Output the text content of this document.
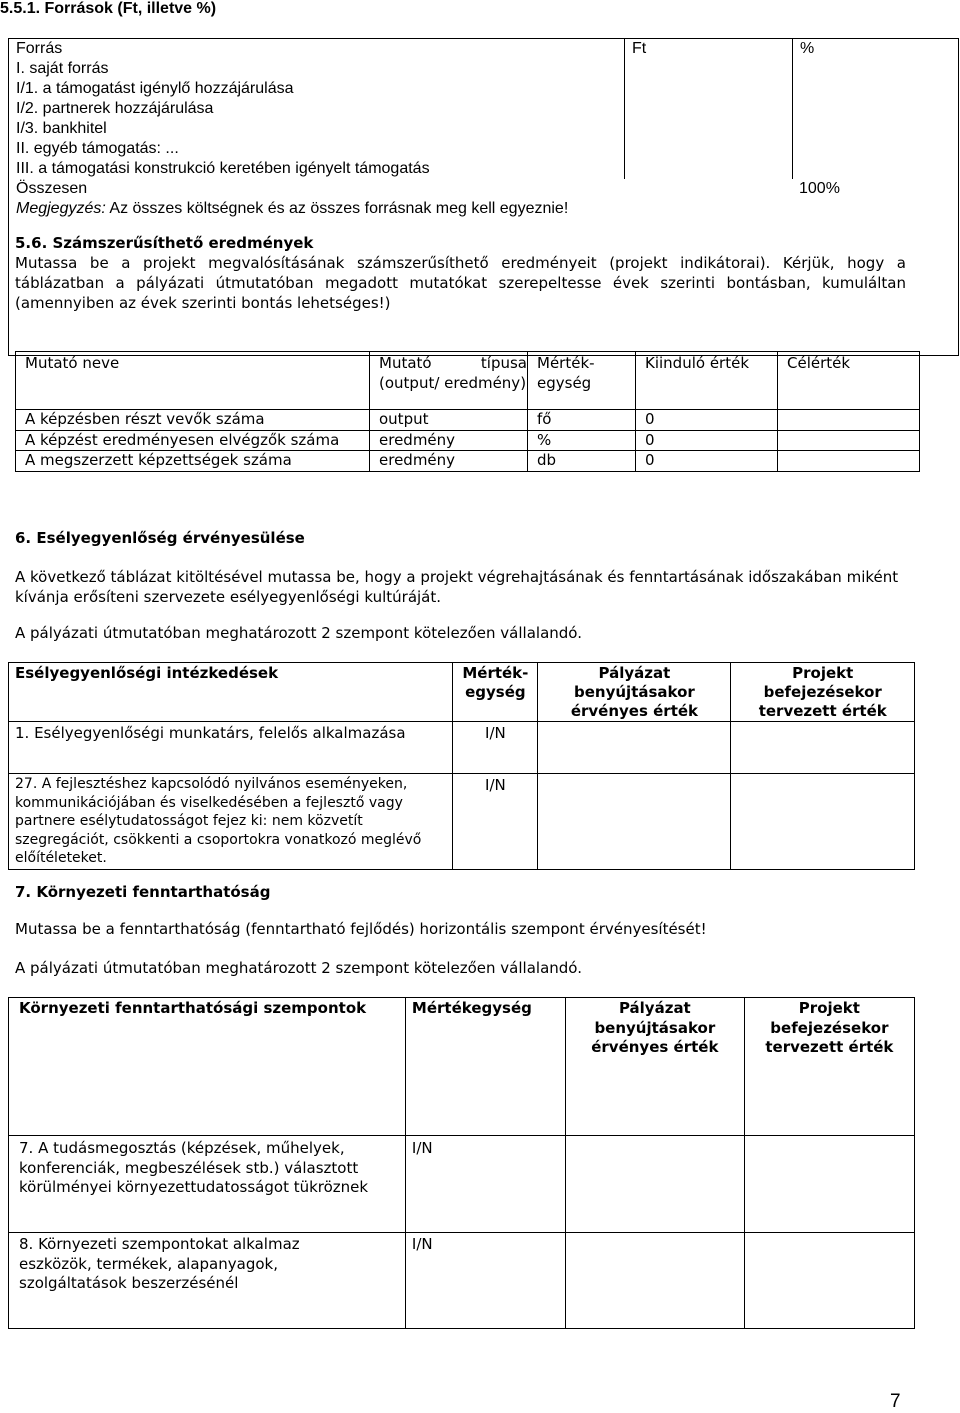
5.5.1. Források (Ft, illetve %)
Forrás	Ft	%
I. saját forrás		
I/1. a támogatást igénylő hozzájárulása		
I/2. partnerek hozzájárulása		
I/3. bankhitel		
II. egyéb támogatás: ...		
III. a támogatási konstrukció keretében igényelt támogatás		
Összesen 100%		

Megjegyzés: Az összes költségnek és az összes forrásnak meg kell egyeznie!
5.6. Számszerűsíthető eredmények
Mutassa be a projekt megvalósításának számszerűsíthető eredményeit (projekt indikátorai). Kérjük, hogy a táblázatban a pályázati útmutatóban megadott mutatókat szerepeltesse évek szerinti bontásban, kumuláltan (amennyiben az évek szerinti bontás lehetséges!)		
Mutató neve	Mutató típusa (output/ eredmény)	Mérték-egység	Kiinduló érték	Célérték
A képzésben részt vevők száma	output	fő	0	
A képzést eredményesen elvégzők száma	eredmény	%	0	
A megszerzett képzettségek száma	eredmény	db	0	
6. Esélyegyenlőség érvényesülése
A következő táblázat kitöltésével mutassa be, hogy a projekt végrehajtásának és fenntartásának időszakában miként kívánja erősíteni szervezete esélyegyenlőségi kultúráját.
A pályázati útmutatóban meghatározott 2 szempont kötelezően vállalandó.
Esélyegyenlőségi intézkedések	Mérték-egység	Pályázat benyújtásakor érvényes érték	Projekt befejezésekor tervezett érték
1. Esélyegyenlőségi munkatárs, felelős alkalmazása	I/N		
27. A fejlesztéshez kapcsolódó nyilvános eseményeken, kommunikációjában és viselkedésében a fejlesztő vagy partnere esélytudatosságot fejez ki: nem közvetít szegregációt, csökkenti a csoportokra vonatkozó meglévő előítéleteket.	I/N		
7. Környezeti fenntarthatóság
Mutassa be a fenntarthatóság (fenntartható fejlődés) horizontális szempont érvényesítését!
A pályázati útmutatóban meghatározott 2 szempont kötelezően vállalandó.
Környezeti fenntarthatósági szempontok	Mértékegység	Pályázat benyújtásakor érvényes érték	Projekt befejezésekor tervezett érték
7. A tudásmegosztás (képzések, műhelyek, konferenciák, megbeszélések stb.) választott körülményei környezettudatosságot tükröznek	I/N		
8. Környezeti szempontokat alkalmaz eszközök, termékek, alapanyagok, szolgáltatások beszerzésénél	I/N		
7
